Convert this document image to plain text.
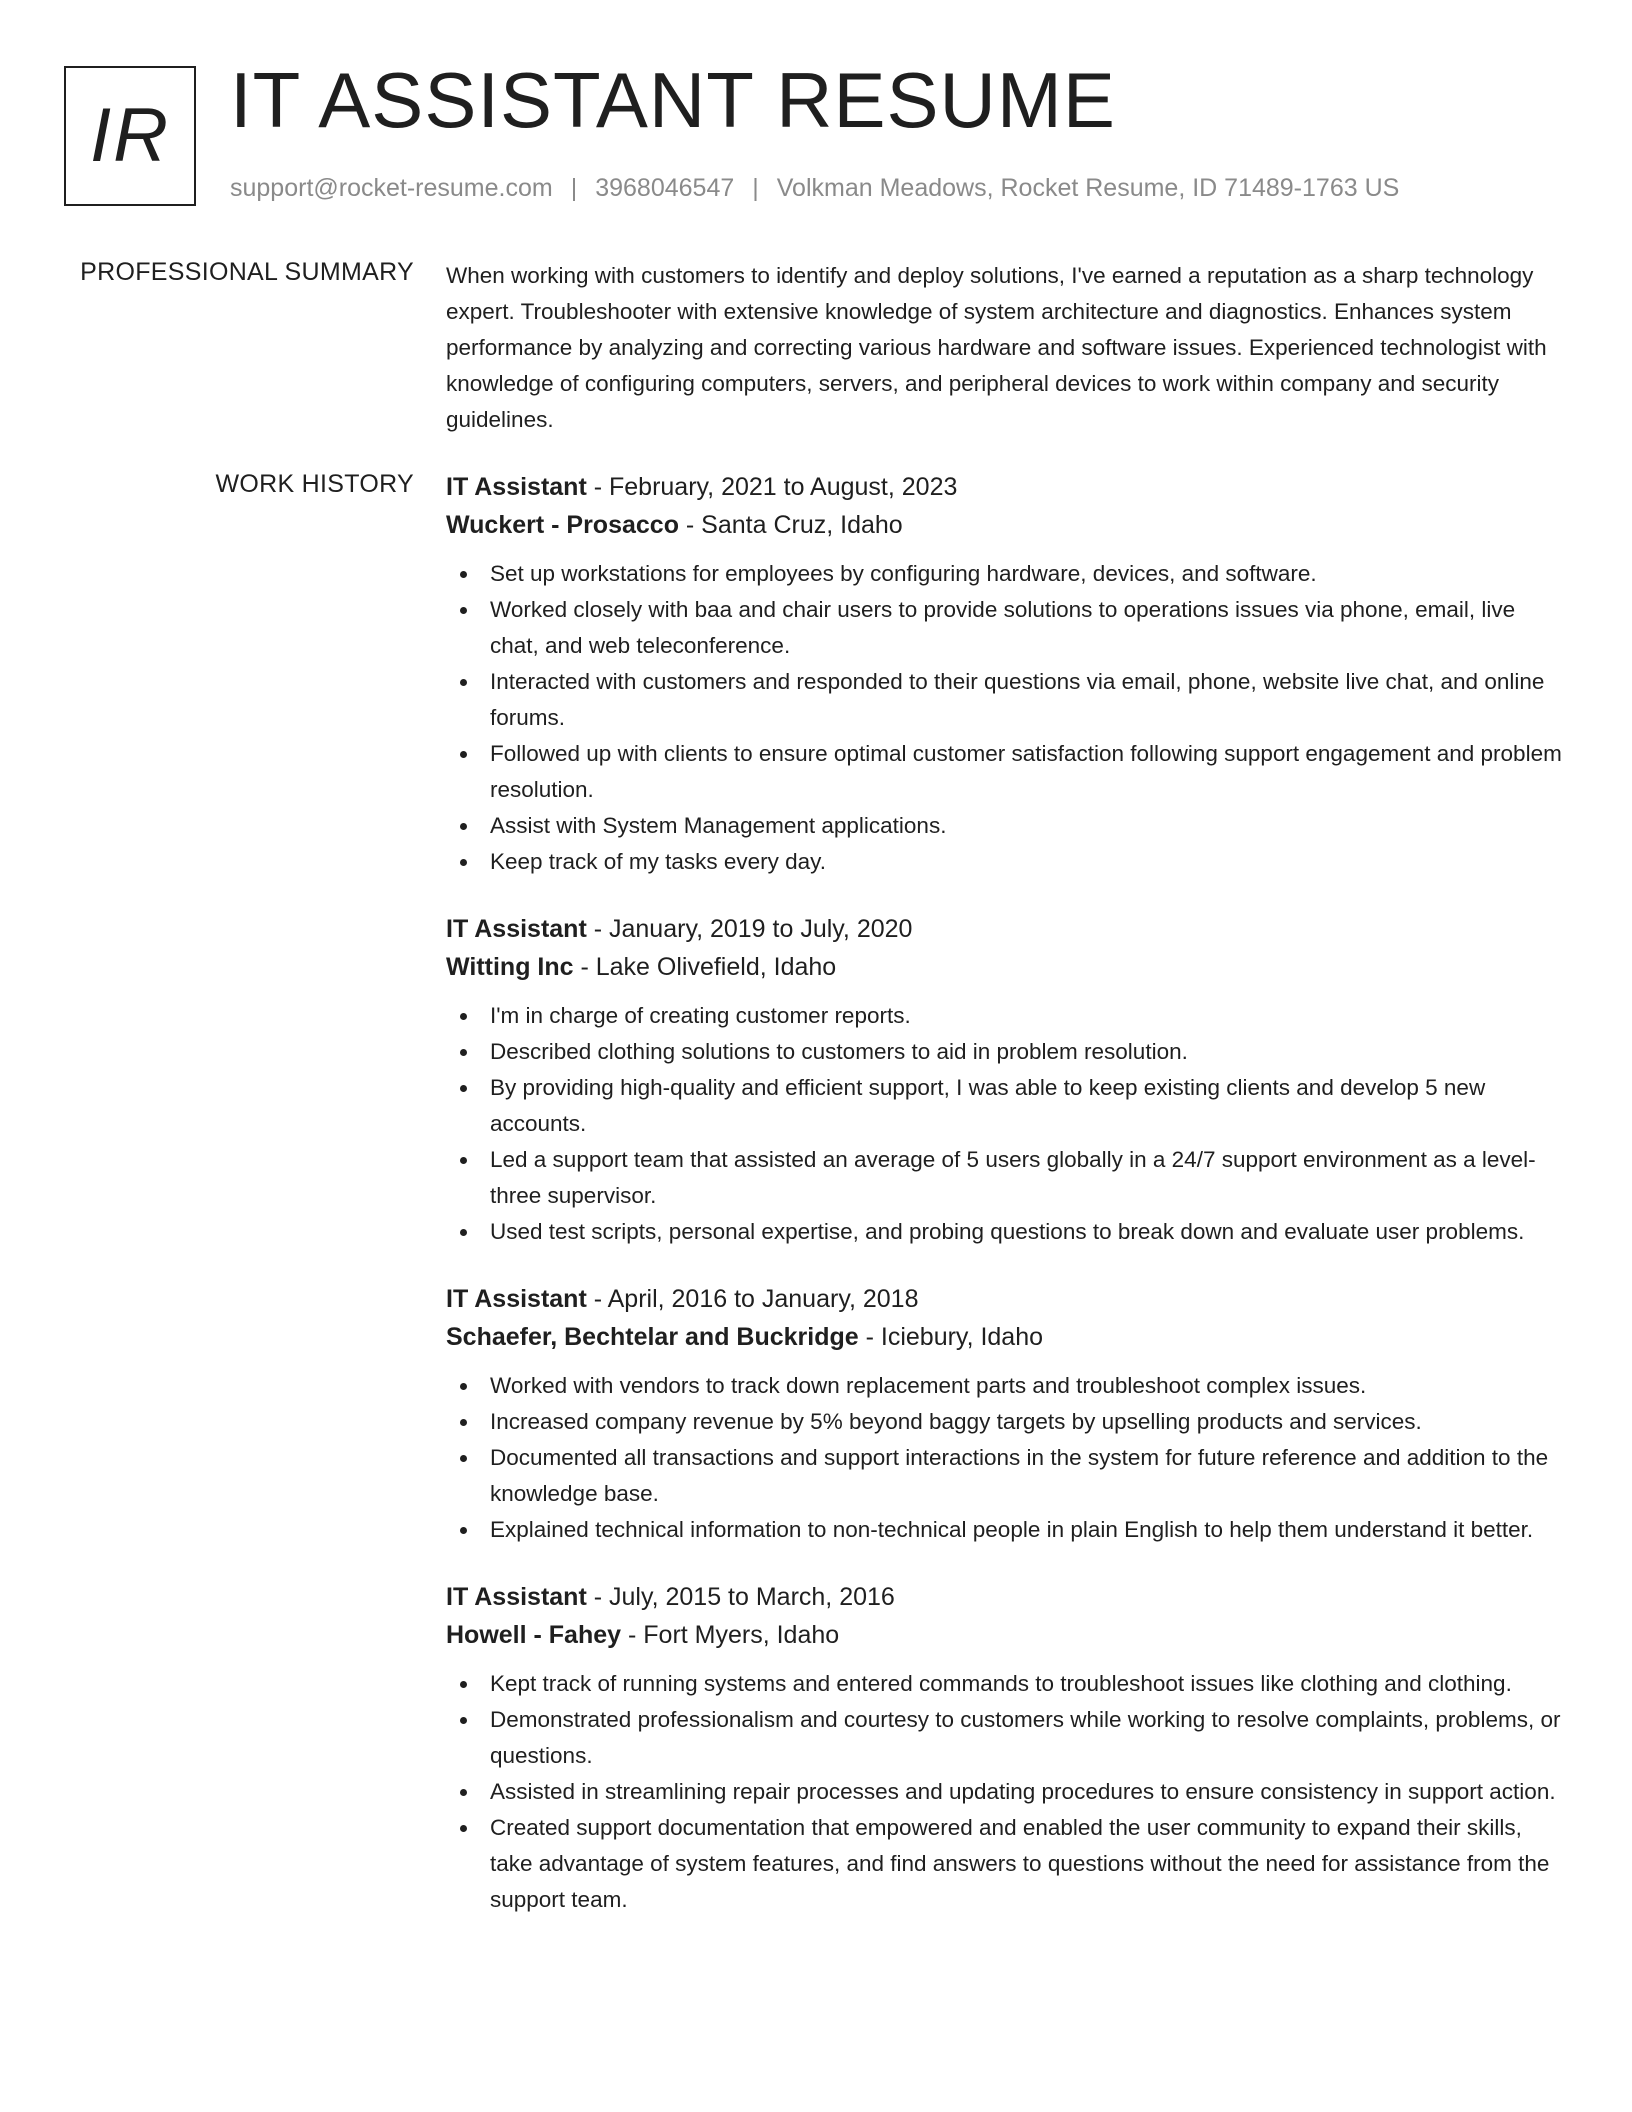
IR IT ASSISTANT RESUME
support@rocket-resume.com | 3968046547 | Volkman Meadows, Rocket Resume, ID 71489-1763 US
PROFESSIONAL SUMMARY When working with customers to identify and deploy solutions, I've earned a reputation as a sharp technology expert. Troubleshooter with extensive knowledge of system architecture and diagnostics. Enhances system performance by analyzing and correcting various hardware and software issues. Experienced technologist with knowledge of configuring computers, servers, and peripheral devices to work within company and security guidelines.

WORK HISTORY IT Assistant - February, 2021 to August, 2023
Wuckert - Prosacco - Santa Cruz, Idaho
Set up workstations for employees by configuring hardware, devices, and software.
Worked closely with baa and chair users to provide solutions to operations issues via phone, email, live chat, and web teleconference.
Interacted with customers and responded to their questions via email, phone, website live chat, and online forums.
Followed up with clients to ensure optimal customer satisfaction following support engagement and problem resolution.
Assist with System Management applications.
Keep track of my tasks every day.
IT Assistant - January, 2019 to July, 2020
Witting Inc - Lake Olivefield, Idaho
I'm in charge of creating customer reports.
Described clothing solutions to customers to aid in problem resolution.
By providing high-quality and efficient support, I was able to keep existing clients and develop 5 new accounts.
Led a support team that assisted an average of 5 users globally in a 24/7 support environment as a level-three supervisor.
Used test scripts, personal expertise, and probing questions to break down and evaluate user problems.
IT Assistant - April, 2016 to January, 2018
Schaefer, Bechtelar and Buckridge - Iciebury, Idaho
Worked with vendors to track down replacement parts and troubleshoot complex issues.
Increased company revenue by 5% beyond baggy targets by upselling products and services.
Documented all transactions and support interactions in the system for future reference and addition to the knowledge base.
Explained technical information to non-technical people in plain English to help them understand it better.
IT Assistant - July, 2015 to March, 2016
Howell - Fahey - Fort Myers, Idaho
Kept track of running systems and entered commands to troubleshoot issues like clothing and clothing.
Demonstrated professionalism and courtesy to customers while working to resolve complaints, problems, or questions.
Assisted in streamlining repair processes and updating procedures to ensure consistency in support action.
Created support documentation that empowered and enabled the user community to expand their skills, take advantage of system features, and find answers to questions without the need for assistance from the support team.
